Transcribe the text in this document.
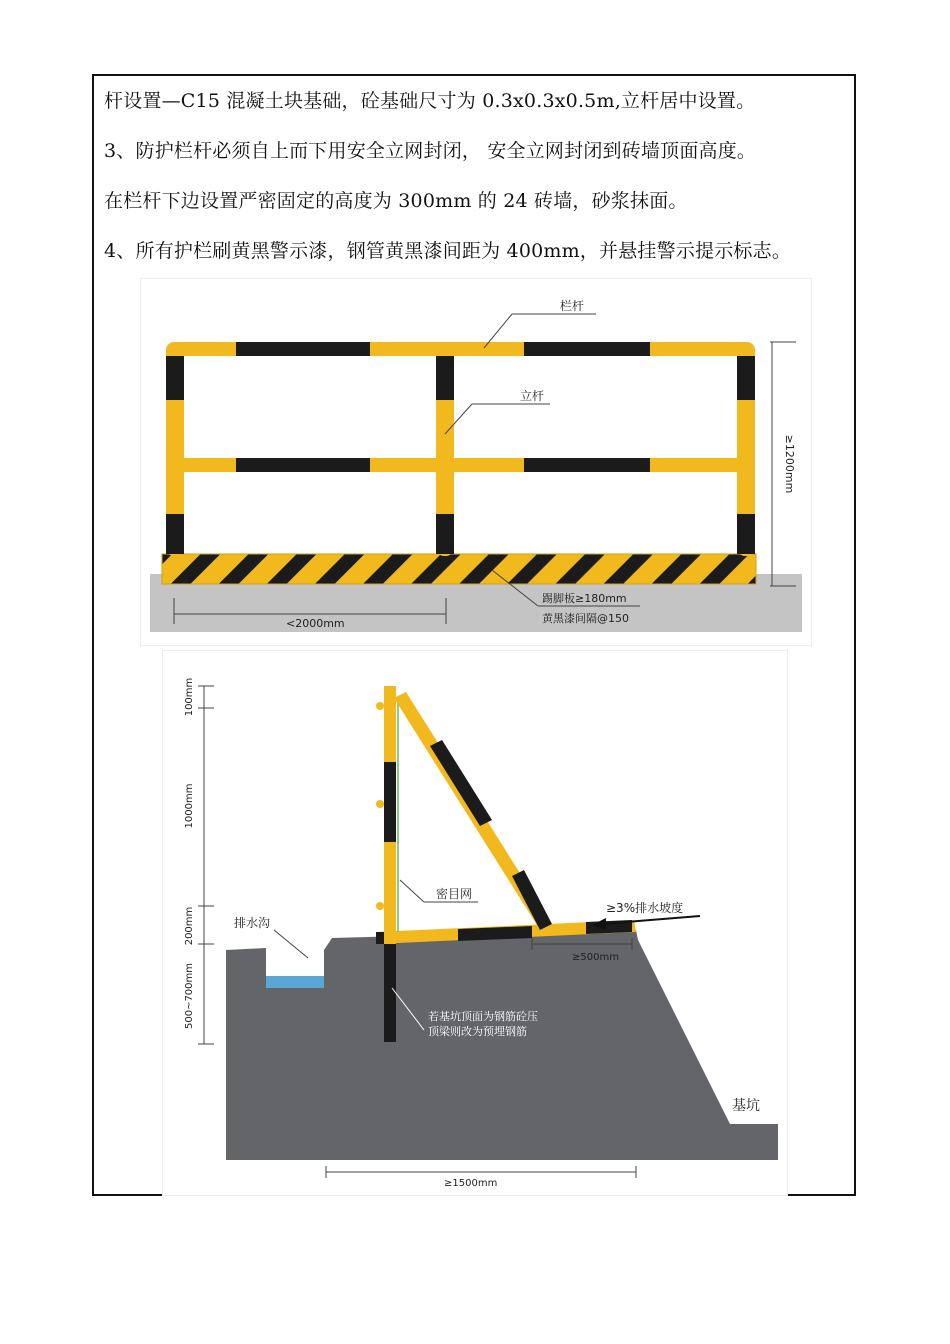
杆设置—C15 混凝土块基础，砼基础尺寸为 0.3x0.3x0.5m,立杆居中设置。
3、防护栏杆必须自上而下用安全立网封闭， 安全立网封闭到砖墙顶面高度。
在栏杆下边设置严密固定的高度为 300mm 的 24 砖墙，砂浆抹面。
4、所有护栏刷黄黑警示漆，钢管黄黑漆间距为 400mm，并悬挂警示提示标志。
≥1200mm
栏杆
立杆
<2000mm
踢脚板≥180mm
黄黑漆间隔@150
100mm
1000mm
200mm
500~700mm
排水沟
密目网
≥3%排水坡度
≥500mm
若基坑顶面为钢筋砼压
顶梁则改为预埋钢筋
基坑
≥1500mm
